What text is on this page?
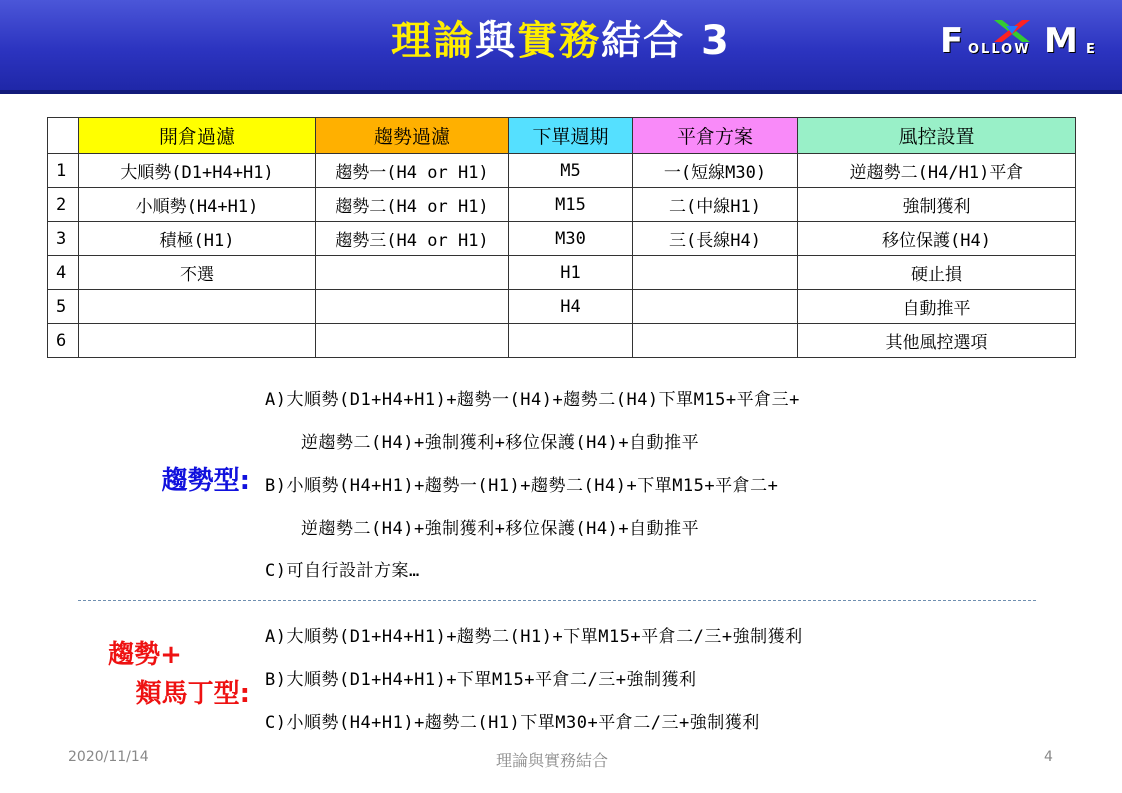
理論與實務結合 3	F OLLOW M E
	開倉過濾	趨勢過濾	下單週期	平倉方案	風控設置
1	大順勢(D1+H4+H1)	趨勢一(H4 or H1)	M5	一(短線M30)	逆趨勢二(H4/H1)平倉
2	小順勢(H4+H1)	趨勢二(H4 or H1)	M15	二(中線H1)	強制獲利
3	積極(H1)	趨勢三(H4 or H1)	M30	三(長線H4)	移位保護(H4)
4	不選		H1		硬止損
5			H4		自動推平
6					其他風控選項
趨勢型:
A)大順勢(D1+H4+H1)+趨勢一(H4)+趨勢二(H4)下單M15+平倉三+
逆趨勢二(H4)+強制獲利+移位保護(H4)+自動推平
B)小順勢(H4+H1)+趨勢一(H1)+趨勢二(H4)+下單M15+平倉二+
逆趨勢二(H4)+強制獲利+移位保護(H4)+自動推平
C)可自行設計方案…
趨勢+
類馬丁型:
A)大順勢(D1+H4+H1)+趨勢二(H1)+下單M15+平倉二/三+強制獲利
B)大順勢(D1+H4+H1)+下單M15+平倉二/三+強制獲利
C)小順勢(H4+H1)+趨勢二(H1)下單M30+平倉二/三+強制獲利
2020/11/14	理論與實務結合	4
